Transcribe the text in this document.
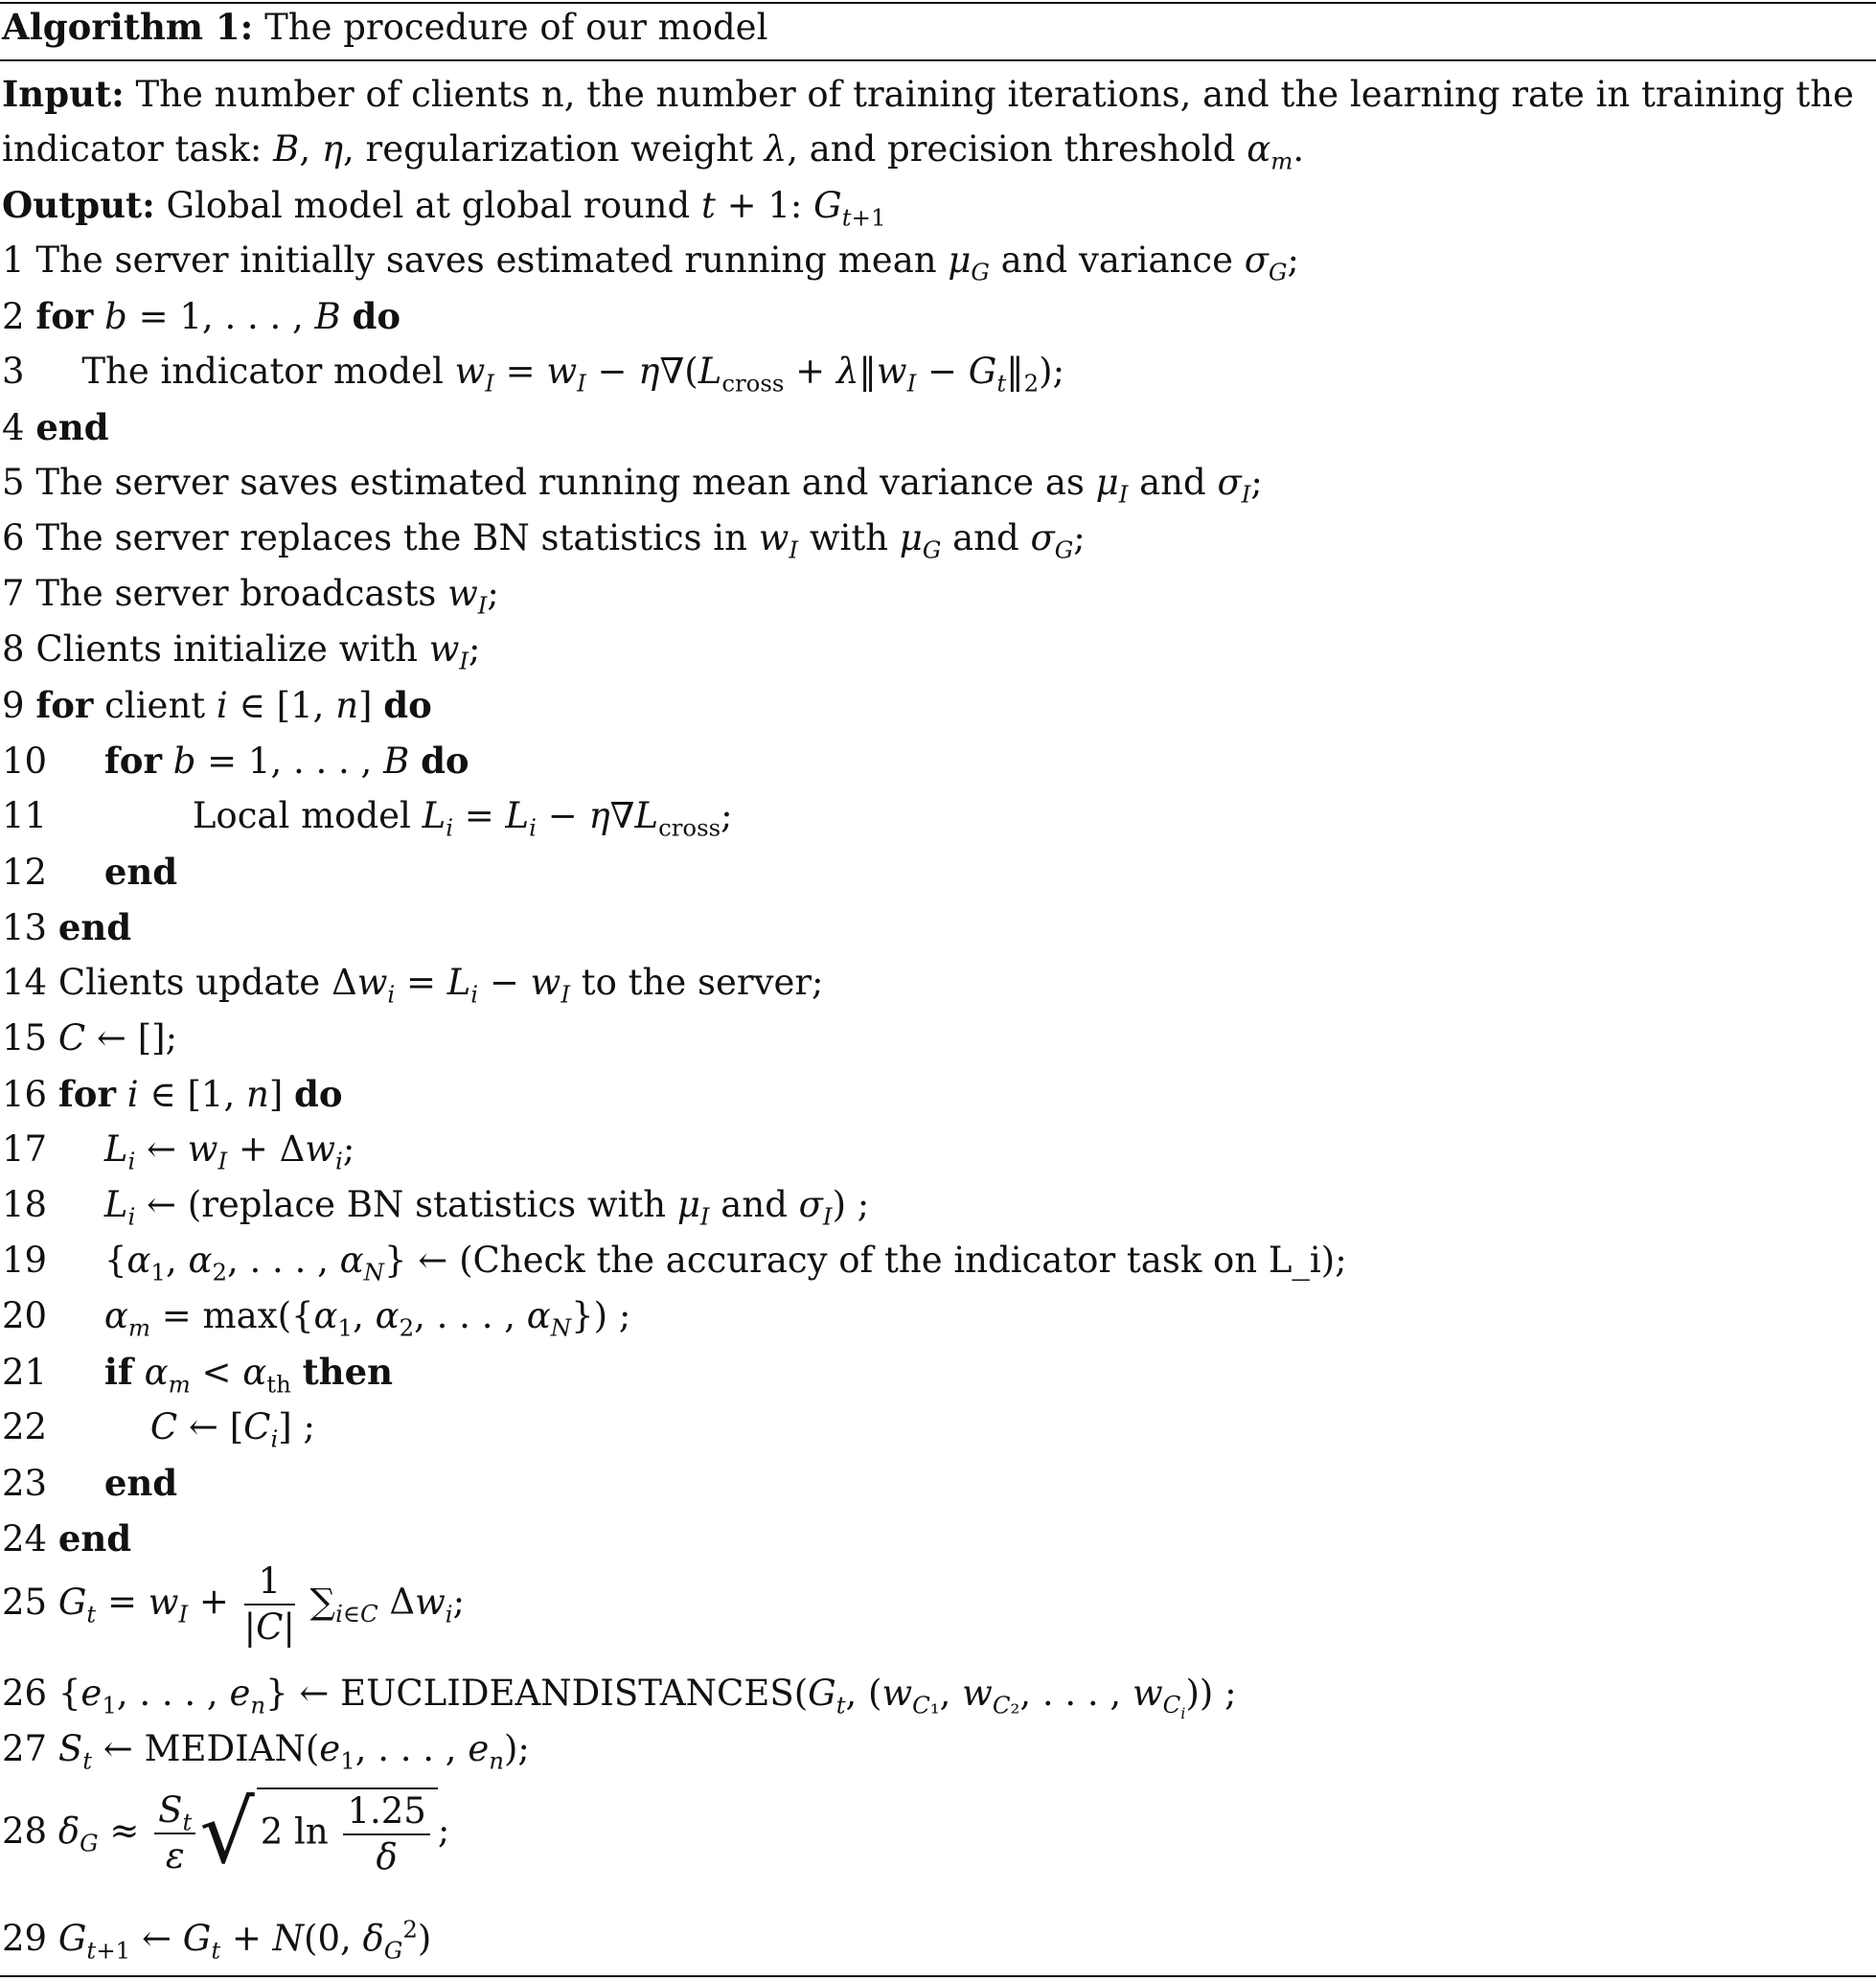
Algorithm 1: The procedure of our model
Input: The number of clients n, the number of training iterations, and the learning rate in training the
indicator task: B, η, regularization weight λ, and precision threshold $\alpha_m$.
Output: Global model at global round t + 1: $G_{t+1}$
1 The server initially saves estimated running mean $\mu_G$ and variance $\sigma_G$;
2 for b = 1, . . . , B do
3 The indicator model $w_I = w_I - \eta\nabla(L_{cross}$ + $\lambda‖w_I$ − $G_t‖_2$);
4 end
5 The server saves estimated running mean and variance as $\mu_I$ and $\sigma_I$;
6 The server replaces the BN statistics in $w_I$ with $\mu_G$ and $\sigma_G$;
7 The server broadcasts $w_I$;
8 Clients initialize with $w_I$;
9 for client i ∈ [1, n] do
10 for b = 1, . . . , B do
11	Local model $L_i = L_i - \eta\nabla L_{cross}$;
12 end
13 end
14 Clients update $\Delta w_i = L_i - w_I$ to the server;
15 C ← [];
16 for i ∈ [1, n] do
17 $L_i$ ← $w_I + \Delta w_i$;
18 $L_i$ ← (replace BN statistics with $\mu_I$ and $\sigma_I$) ;
19 {$\alpha_1$, $\alpha_2$, . . . , $\alpha_N$} ← (Check the accuracy of the indicator task on L_i);
20 $\alpha_m = \max(\{\alpha_1$, $\alpha_2$, . . . , $\alpha_N$}) ;
21 if $\alpha_m < \alpha_{th}$ then
22	C ← $[C_i]$ ;
23 end
24 end
25 $G_t = w_I + \frac{1}{|C|} \sum_{i\in C}$ $\Delta w_i$;
26 {$e_1$, . . . , $e_n$} ← $EUCLIDEANDISTANCES(G_t$, ($w_{C_1}$, $w_{C_2}$, . . . , $w_{C_i}$)) ;
27 $S_t$ ← $MEDIAN(e_1$, . . . , $e_n$);
28 $\delta_G \approx \frac{S_t}{\varepsilon}$ √ 2 $\ln \frac{1.25}{\delta}$ ;
29 $G_{t+1}$ ← $G_t + N(0$, $\delta_G^2$)
